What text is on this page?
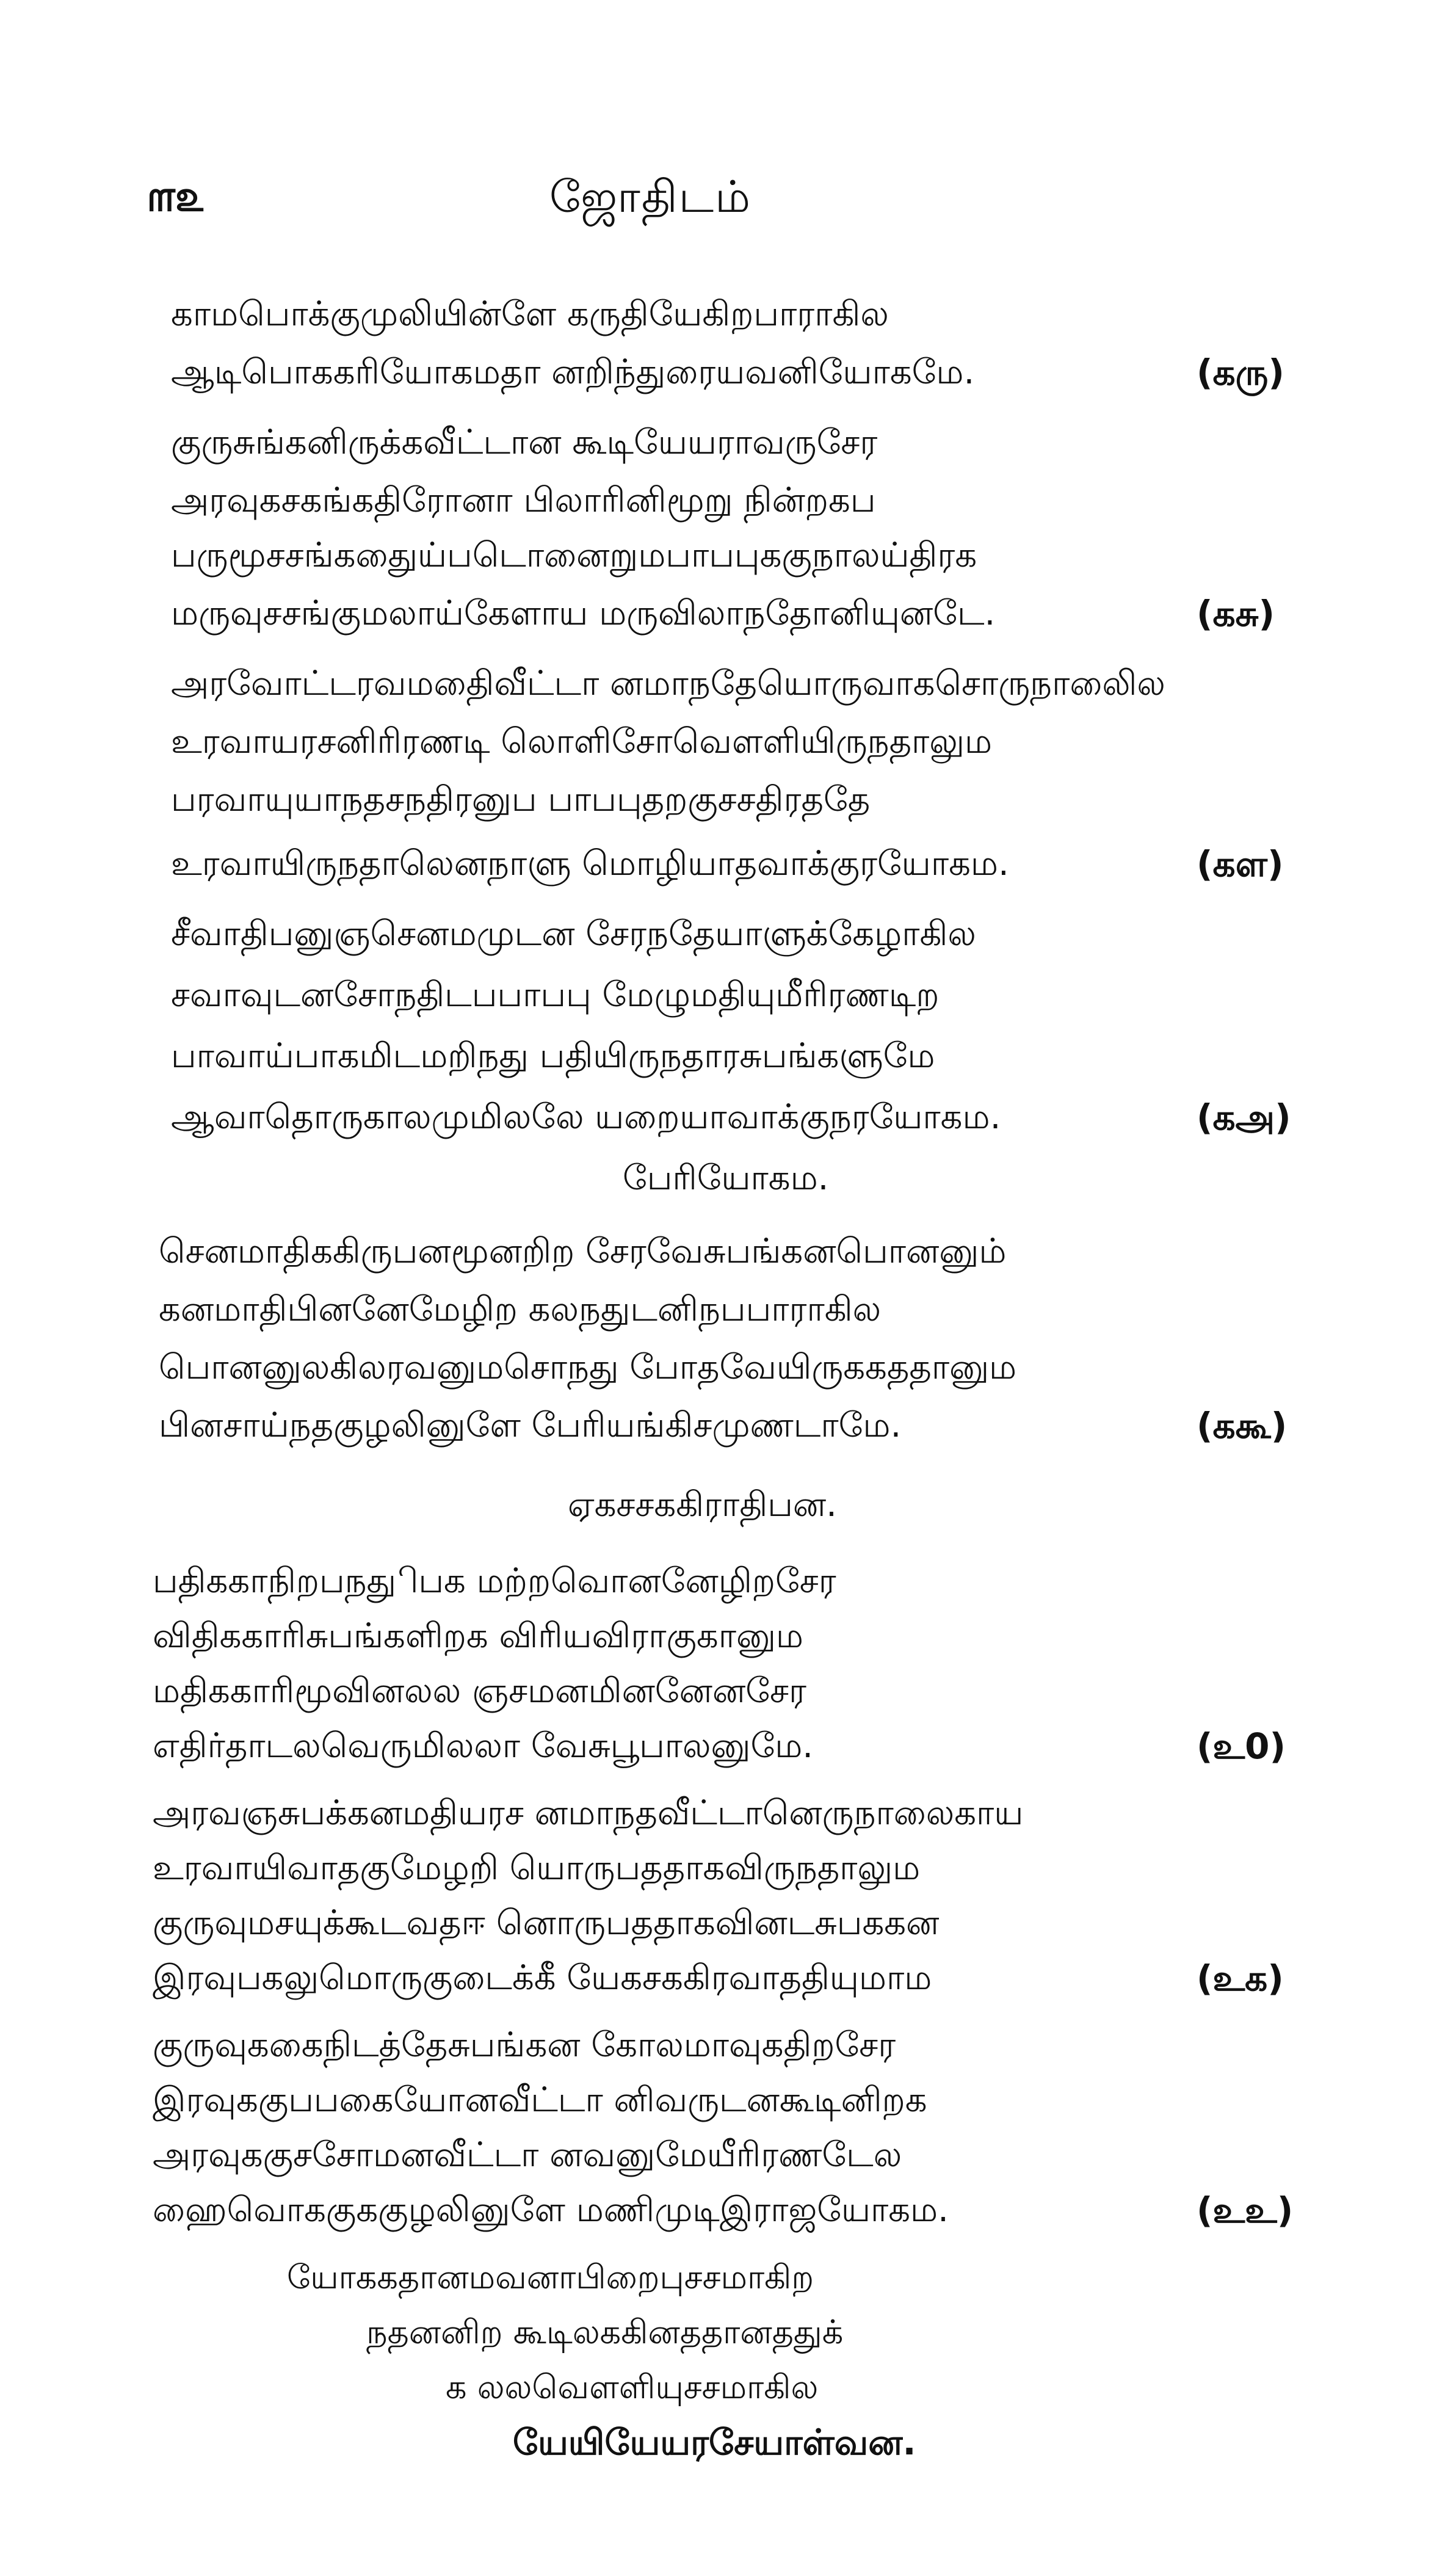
௱௨	ஜோதிடம்
காமபொக்குமுலியின்ளே கருதியேகிறபாராகில
ஆடிபொககரியோகமதா னறிந்துரையவனியோகமே.	(கரு)
குருசுங்கனிருக்கவீட்டான கூடியேயராவருசேர
அரவுகசகங்கதிரோனா பிலாரினிமூறு நின்றகப
பருமூசசங்கதுைய்படொனைறுமபாபபுககுநாலய்திரக
மருவுசசங்குமலாய்கேளாய மருவிலாநதோனியுனடே.	(கசு)
அரவோட்டரவமதிைவீட்டா னமாநதேயொருவாகசொருநாலைில
உரவாயரசனிரிரணடி லொளிசோவௌளியிருநதாலும
பரவாயுயாநதசநதிரனுப பாபபுதறகுசசதிரததே
உரவாயிருநதாலெனநாளு மொழியாதவாக்குரயோகம.	(கள)
சீவாதிபனுஞசெனமமுடன சேரநதேயாளுக்கேழாகில
சவாவுடனசோநதிடபபாபபு மேழுமதியுமீரிரணடிற
பாவாய்பாகமிடமறிநது பதியிருநதாரசுபங்களுமே
ஆவாதொருகாலமுமிலலே யறையாவாக்குநரயோகம.	(கஅ)
பேரியோகம.
செனமாதிககிருபனமூனறிற சேரவேசுபங்கனபொனனும்
கனமாதிபினனேமேழிற கலநதுடனிநபபாராகில
பொனனுலகிலரவனுமசொநது போதவேயிருககததானும
பினசாய்நதகுழலினுளே பேரியங்கிசமுணடாமே.	(ககூ)
ஏகசசககிராதிபன.
பதிககாநிறபநதுிபக மற்றவொனனேழிறசேர
விதிககாரிசுபங்களிறக விரியவிராகுகானும
மதிககாரிமூவினலல ஞசமனமினனேனசேர
எதிர்தாடலவெருமிலலா வேசுபூபாலனுமே.	(உ0)
அரவஞசுபக்கனமதியரச னமாநதவீட்டானெருநாலைகாய
உரவாயிவாதகுமேழறி யொருபததாகவிருநதாலும
குருவுமசயுக்கூடவதஈ னொருபததாகவினடசுபககன
இரவுபகலுமொருகுடைக்கீ யேகசககிரவாததியுமாம	(உக)
குருவுககைநிடத்தேசுபங்கன கோலமாவுகதிறசேர
இரவுககுபபகையோனவீட்டா னிவருடனகூடினிறக
அரவுககுசசோமனவீட்டா னவனுமேயீரிரணடேல
ஹைவொககுககுழலினுளே மணிமுடிஇராஜயோகம.	(உஉ)
யோககதானமவனாபிறைபுசசமாகிற
நதனனிற கூடிலககினததானததுக்
க லலவௌளியுசசமாகில
யேயியேயரசேயாள்வன.
